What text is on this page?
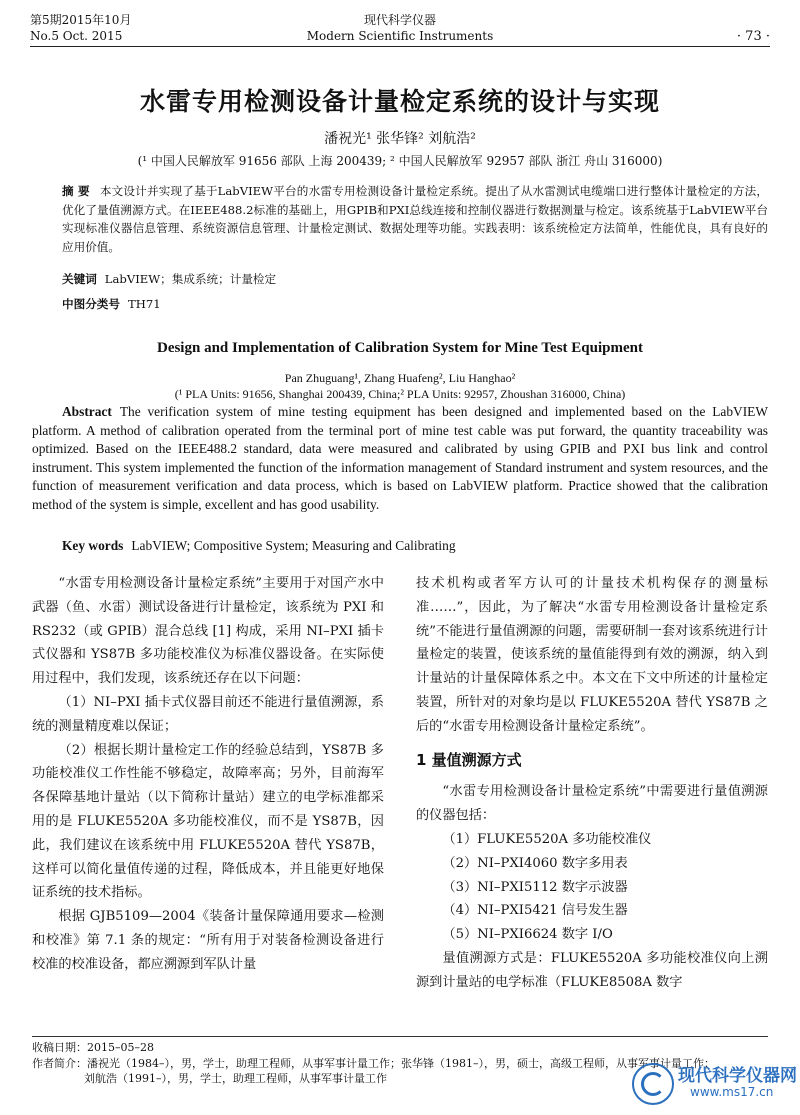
第5期2015年10月
No.5 Oct. 2015
现代科学仪器
Modern Scientific Instruments	· 73 ·
水雷专用检测设备计量检定系统的设计与实现
潘祝光¹ 张华锋² 刘航浩²
(¹ 中国人民解放军 91656 部队 上海 200439; ² 中国人民解放军 92957 部队 浙江 舟山 316000)
摘 要 本文设计并实现了基于LabVIEW平台的水雷专用检测设备计量检定系统。提出了从水雷测试电缆端口进行整体计量检定的方法，优化了量值溯源方式。在IEEE488.2标准的基础上，用GPIB和PXI总线连接和控制仪器进行数据测量与检定。该系统基于LabVIEW平台实现标准仪器信息管理、系统资源信息管理、计量检定测试、数据处理等功能。实践表明：该系统检定方法简单，性能优良，具有良好的应用价值。
关键词 LabVIEW；集成系统；计量检定
中图分类号 TH71
Design and Implementation of Calibration System for Mine Test Equipment
Pan Zhuguang¹, Zhang Huafeng², Liu Hanghao²
(¹ PLA Units: 91656, Shanghai 200439, China;² PLA Units: 92957, Zhoushan 316000, China)
Abstract The verification system of mine testing equipment has been designed and implemented based on the LabVIEW platform. A method of calibration operated from the terminal port of mine test cable was put forward, the quantity traceability was optimized. Based on the IEEE488.2 standard, data were measured and calibrated by using GPIB and PXI bus link and control instrument. This system implemented the function of the information management of Standard instrument and system resources, and the function of measurement verification and data process, which is based on LabVIEW platform. Practice showed that the calibration method of the system is simple, excellent and has good usability.
Key words LabVIEW; Compositive System; Measuring and Calibrating

“水雷专用检测设备计量检定系统”主要用于对国产水中武器（鱼、水雷）测试设备进行计量检定，该系统为 PXI 和 RS232（或 GPIB）混合总线 [1] 构成，采用 NI–PXI 插卡式仪器和 YS87B 多功能校准仪为标准仪器设备。在实际使用过程中，我们发现，该系统还存在以下问题：

（1）NI–PXI 插卡式仪器目前还不能进行量值溯源，系统的测量精度难以保证；

（2）根据长期计量检定工作的经验总结到，YS87B 多功能校准仪工作性能不够稳定，故障率高；另外，目前海军各保障基地计量站（以下简称计量站）建立的电学标准都采用的是 FLUKE5520A 多功能校准仪，而不是 YS87B，因此，我们建议在该系统中用 FLUKE5520A 替代 YS87B，这样可以简化量值传递的过程，降低成本，并且能更好地保证系统的技术指标。

根据 GJB5109—2004《装备计量保障通用要求—检测和校准》第 7.1 条的规定：“所有用于对装备检测设备进行校准的校准设备，都应溯源到军队计量

技术机构或者军方认可的计量技术机构保存的测量标准……”，因此，为了解决“水雷专用检测设备计量检定系统”不能进行量值溯源的问题，需要研制一套对该系统进行计量检定的装置，使该系统的量值能得到有效的溯源，纳入到计量站的计量保障体系之中。本文在下文中所述的计量检定装置，所针对的对象均是以 FLUKE5520A 替代 YS87B 之后的“水雷专用检测设备计量检定系统”。

1 量值溯源方式

“水雷专用检测设备计量检定系统”中需要进行量值溯源的仪器包括：

（1）FLUKE5520A 多功能校准仪

（2）NI–PXI4060 数字多用表

（3）NI–PXI5112 数字示波器

（4）NI–PXI5421 信号发生器

（5）NI–PXI6624 数字 I/O

量值溯源方式是：FLUKE5520A 多功能校准仪向上溯源到计量站的电学标准（FLUKE8508A 数字

收稿日期：2015–05–28
作者简介：潘祝光（1984–），男，学士，助理工程师，从事军事计量工作；张华锋（1981–），男，硕士，高级工程师，从事军事计量工作；
刘航浩（1991–），男，学士，助理工程师，从事军事计量工作	现代科学仪器网
www.ms17.cn
